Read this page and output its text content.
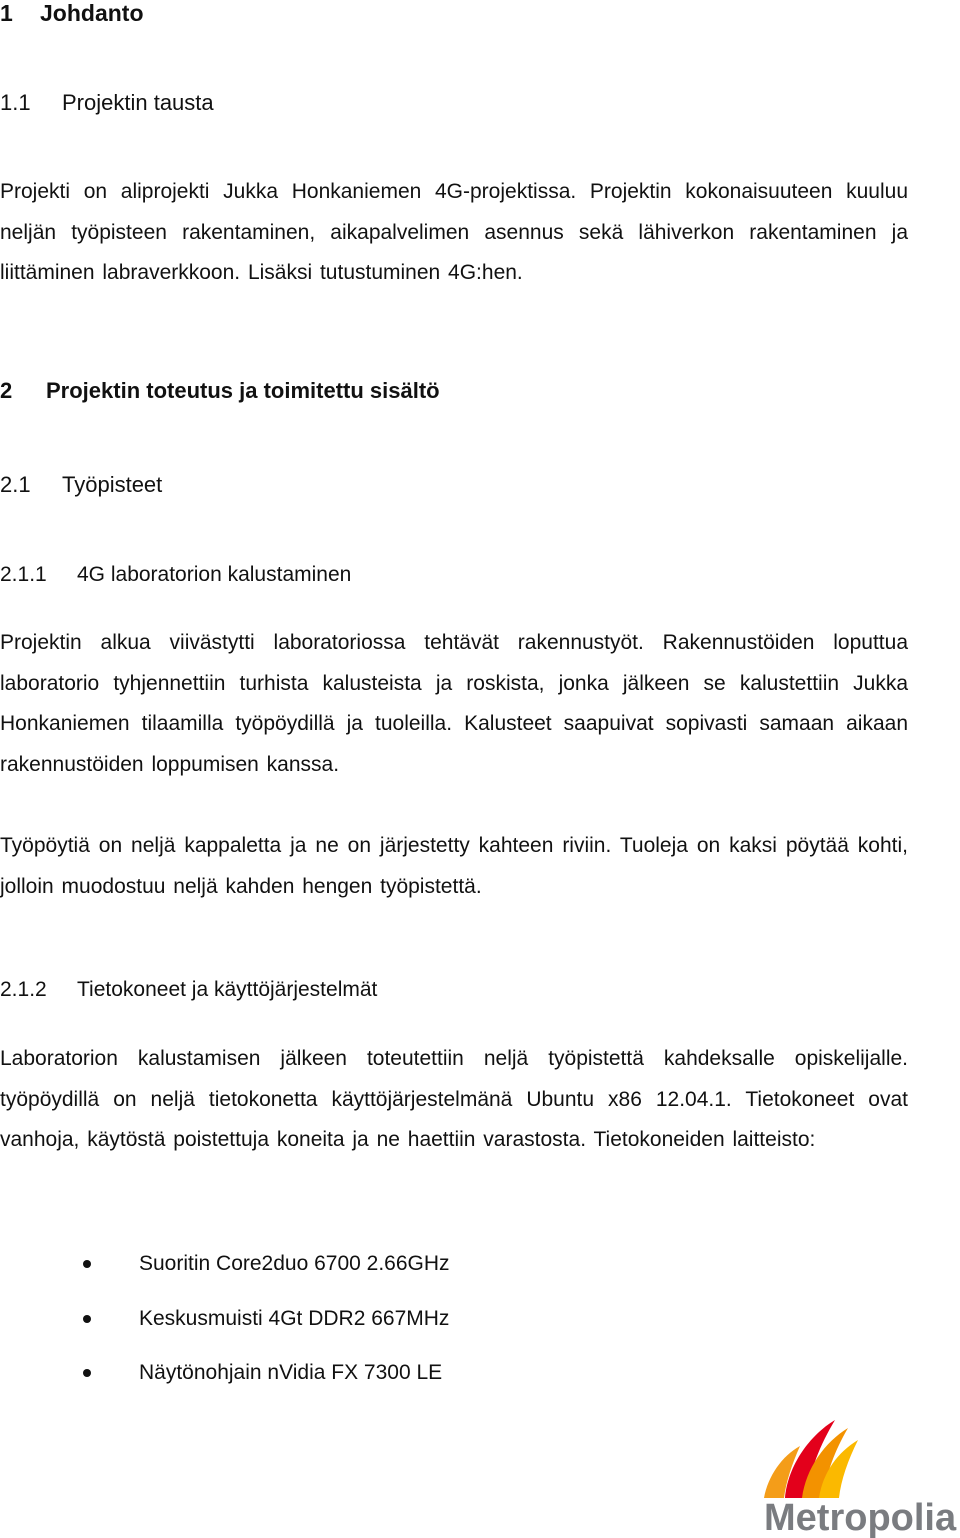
1 Johdanto
1.1 Projektin tausta
Projekti on aliprojekti Jukka Honkaniemen 4G-projektissa. Projektin kokonaisuuteen kuuluu neljän työpisteen rakentaminen, aikapalvelimen asennus sekä lähiverkon rakentaminen ja liittäminen labraverkkoon. Lisäksi tutustuminen 4G:hen.
2 Projektin toteutus ja toimitettu sisältö
2.1 Työpisteet
2.1.1 4G laboratorion kalustaminen
Projektin alkua viivästytti laboratoriossa tehtävät rakennustyöt. Rakennustöiden loputtua laboratorio tyhjennettiin turhista kalusteista ja roskista, jonka jälkeen se kalustettiin Jukka Honkaniemen tilaamilla työpöydillä ja tuoleilla. Kalusteet saapuivat sopivasti samaan aikaan rakennustöiden loppumisen kanssa.
Työpöytiä on neljä kappaletta ja ne on järjestetty kahteen riviin. Tuoleja on kaksi pöytää kohti, jolloin muodostuu neljä kahden hengen työpistettä.
2.1.2 Tietokoneet ja käyttöjärjestelmät
Laboratorion kalustamisen jälkeen toteutettiin neljä työpistettä kahdeksalle opiskelijalle. työpöydillä on neljä tietokonetta käyttöjärjestelmänä Ubuntu x86 12.04.1. Tietokoneet ovat vanhoja, käytöstä poistettuja koneita ja ne haettiin varastosta. Tietokoneiden laitteisto:
Suoritin Core2duo 6700 2.66GHz
Keskusmuisti 4Gt DDR2 667MHz
Näytönohjain nVidia FX 7300 LE
Metropolia
